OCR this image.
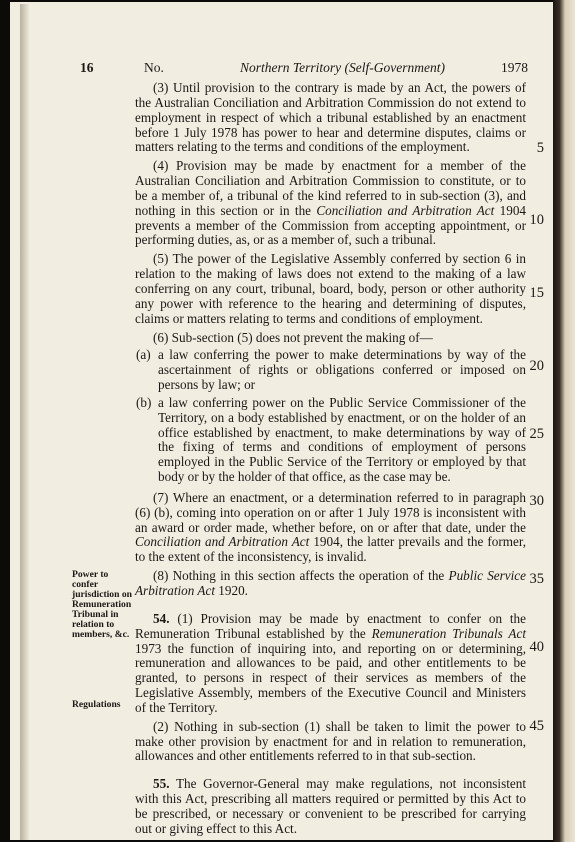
16	No.	Northern Territory (Self-Government)	1978

(3) Until provision to the contrary is made by an Act, the powers of the Australian Conciliation and Arbitration Commission do not extend to employment in respect of which a tribunal established by an enactment before 1 July 1978 has power to hear and determine disputes, claims or matters relating to the terms and conditions of the employment.

(4) Provision may be made by enactment for a member of the Australian Conciliation and Arbitration Commission to constitute, or to be a member of, a tribunal of the kind referred to in sub-section (3), and nothing in this section or in the Conciliation and Arbitration Act 1904 prevents a member of the Commission from accepting appointment, or performing duties, as, or as a member of, such a tribunal.

(5) The power of the Legislative Assembly conferred by section 6 in relation to the making of laws does not extend to the making of a law conferring on any court, tribunal, board, body, person or other authority any power with reference to the hearing and determining of disputes, claims or matters relating to terms and conditions of employment.

(6) Sub-section (5) does not prevent the making of—

(a) a law conferring the power to make determinations by way of the ascertainment of rights or obligations conferred or imposed on persons by law; or
(b) a law conferring power on the Public Service Commissioner of the Territory, on a body established by enactment, or on the holder of an office established by enactment, to make determinations by way of the fixing of terms and conditions of employment of persons employed in the Public Service of the Territory or employed by that body or by the holder of that office, as the case may be.

(7) Where an enactment, or a determination referred to in paragraph (6) (b), coming into operation on or after 1 July 1978 is inconsistent with an award or order made, whether before, on or after that date, under the Conciliation and Arbitration Act 1904, the latter prevails and the former, to the extent of the inconsistency, is invalid.

(8) Nothing in this section affects the operation of the Public Service Arbitration Act 1920.

54. (1) Provision may be made by enactment to confer on the Remuneration Tribunal established by the Remuneration Tribunals Act 1973 the function of inquiring into, and reporting on or determining, remuneration and allowances to be paid, and other entitlements to be granted, to persons in respect of their services as members of the Legislative Assembly, members of the Executive Council and Ministers of the Territory.

(2) Nothing in sub-section (1) shall be taken to limit the power to make other provision by enactment for and in relation to remuneration, allowances and other entitlements referred to in that sub-section.

55. The Governor-General may make regulations, not inconsistent with this Act, prescribing all matters required or permitted by this Act to be prescribed, or necessary or convenient to be prescribed for carrying out or giving effect to this Act.

Power to confer jurisdiction on Remuneration Tribunal in relation to members, &c.
Regulations
5
10
15
20
25
30
35
40
45
